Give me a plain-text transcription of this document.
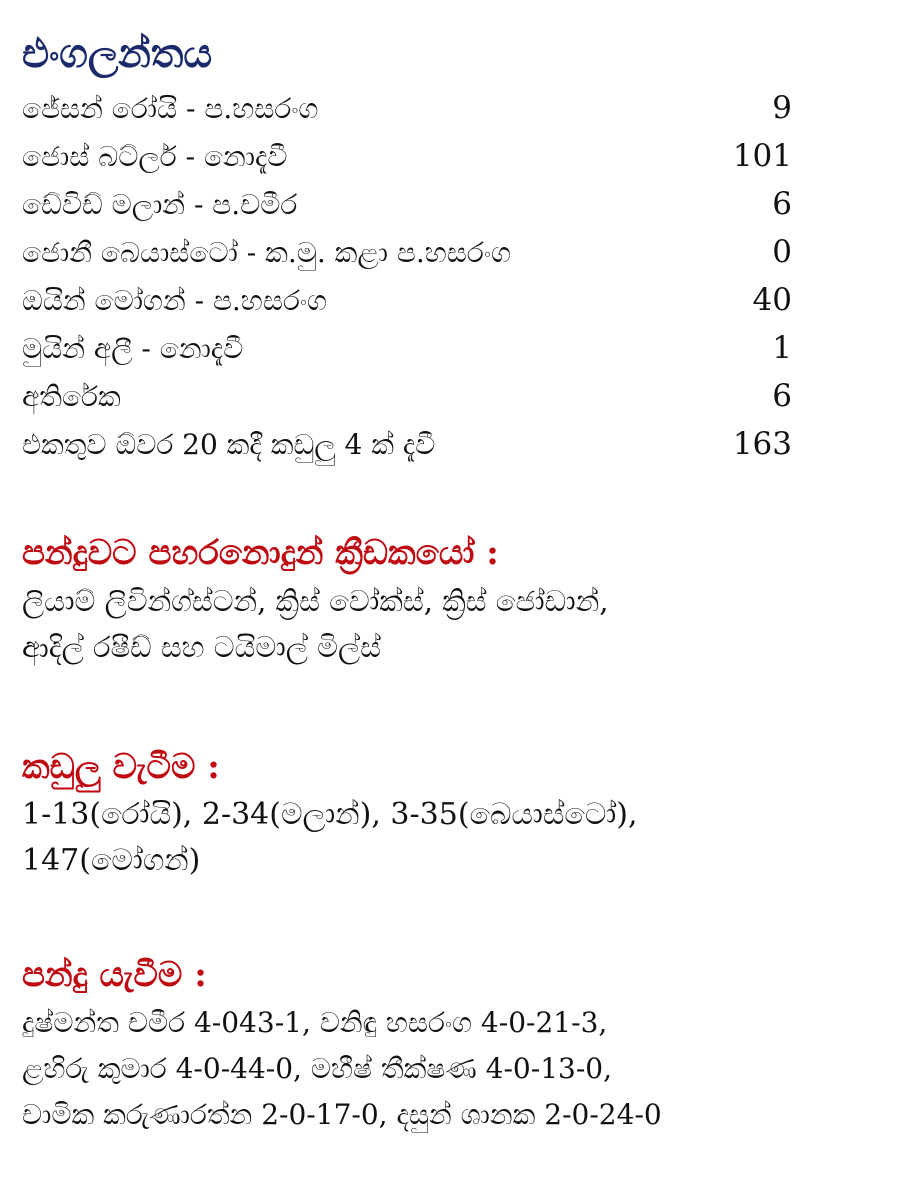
එංගලන්තය
ජේසන් රෝයි - ප.හසරංග	9
ජොස් බට්ලර් - නොදැවී	101
ඩේවිඩ් මලාන් - ප.චමීර	6
ජොනී බෙයාස්ටෝ - ක.මු. කළා ප.හසරංග	0
ඔයින් මෝගන් - ප.හසරංග	40
මුයින් අලී - නොදැවී	1
අතිරේක	6
එකතුව ඕවර 20 කදී කඩුලු 4 ක් දැවී	163
පන්දුවට පහරනොදුන් ක්‍රීඩකයෝ :

ලියාම් ලිවින්ග්ස්ටන්, ක්‍රිස් වෝක්ස්, ක්‍රිස් ජෝඩාන්,

ආදිල් රෂීඩ් සහ ටයිමාල් මිල්ස්

කඩුලු වැටීම :

1-13(රෝයි), 2-34(මලාන්), 3-35(බෙයාස්ටෝ),

147(මෝගන්)

පන්දු යැවීම :

දුෂ්මන්ත චමීර 4-043-1, වනිඳු හසරංග 4-0-21-3,

ළහිරු කුමාර 4-0-44-0, මහීෂ් තීක්ෂණ 4-0-13-0,

චාමික කරුණාරත්න 2-0-17-0, දසුන් ශානක 2-0-24-0
